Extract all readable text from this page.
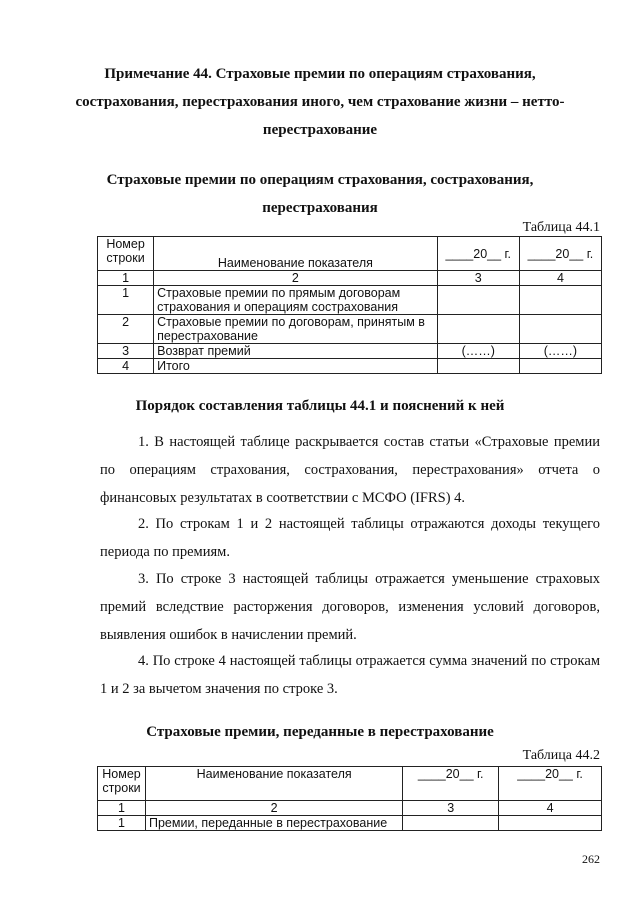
Примечание 44. Страховые премии по операциям страхования,
сострахования, перестрахования иного, чем страхование жизни – нетто-
перестрахование
Страховые премии по операциям страхования, сострахования,
перестрахования
Таблица 44.1
Номер строки	Наименование показателя	____20__ г.	____20__ г.
1	2	3	4
1	Страховые премии по прямым договорам страхования и операциям сострахования		
2	Страховые премии по договорам, принятым в перестрахование		
3	Возврат премий	(……)	(……)
4	Итого		
Порядок составления таблицы 44.1 и пояснений к ней
1. В настоящей таблице раскрывается состав статьи «Страховые премии по операциям страхования, сострахования, перестрахования» отчета о финансовых результатах в соответствии с МСФО (IFRS) 4.
2. По строкам 1 и 2 настоящей таблицы отражаются доходы текущего периода по премиям.
3. По строке 3 настоящей таблицы отражается уменьшение страховых премий вследствие расторжения договоров, изменения условий договоров, выявления ошибок в начислении премий.
4. По строке 4 настоящей таблицы отражается сумма значений по строкам 1 и 2 за вычетом значения по строке 3.
Страховые премии, переданные в перестрахование
Таблица 44.2
Номер строки	Наименование показателя	____20__ г.	____20__ г.
1	2	3	4
1	Премии, переданные в перестрахование		
262
